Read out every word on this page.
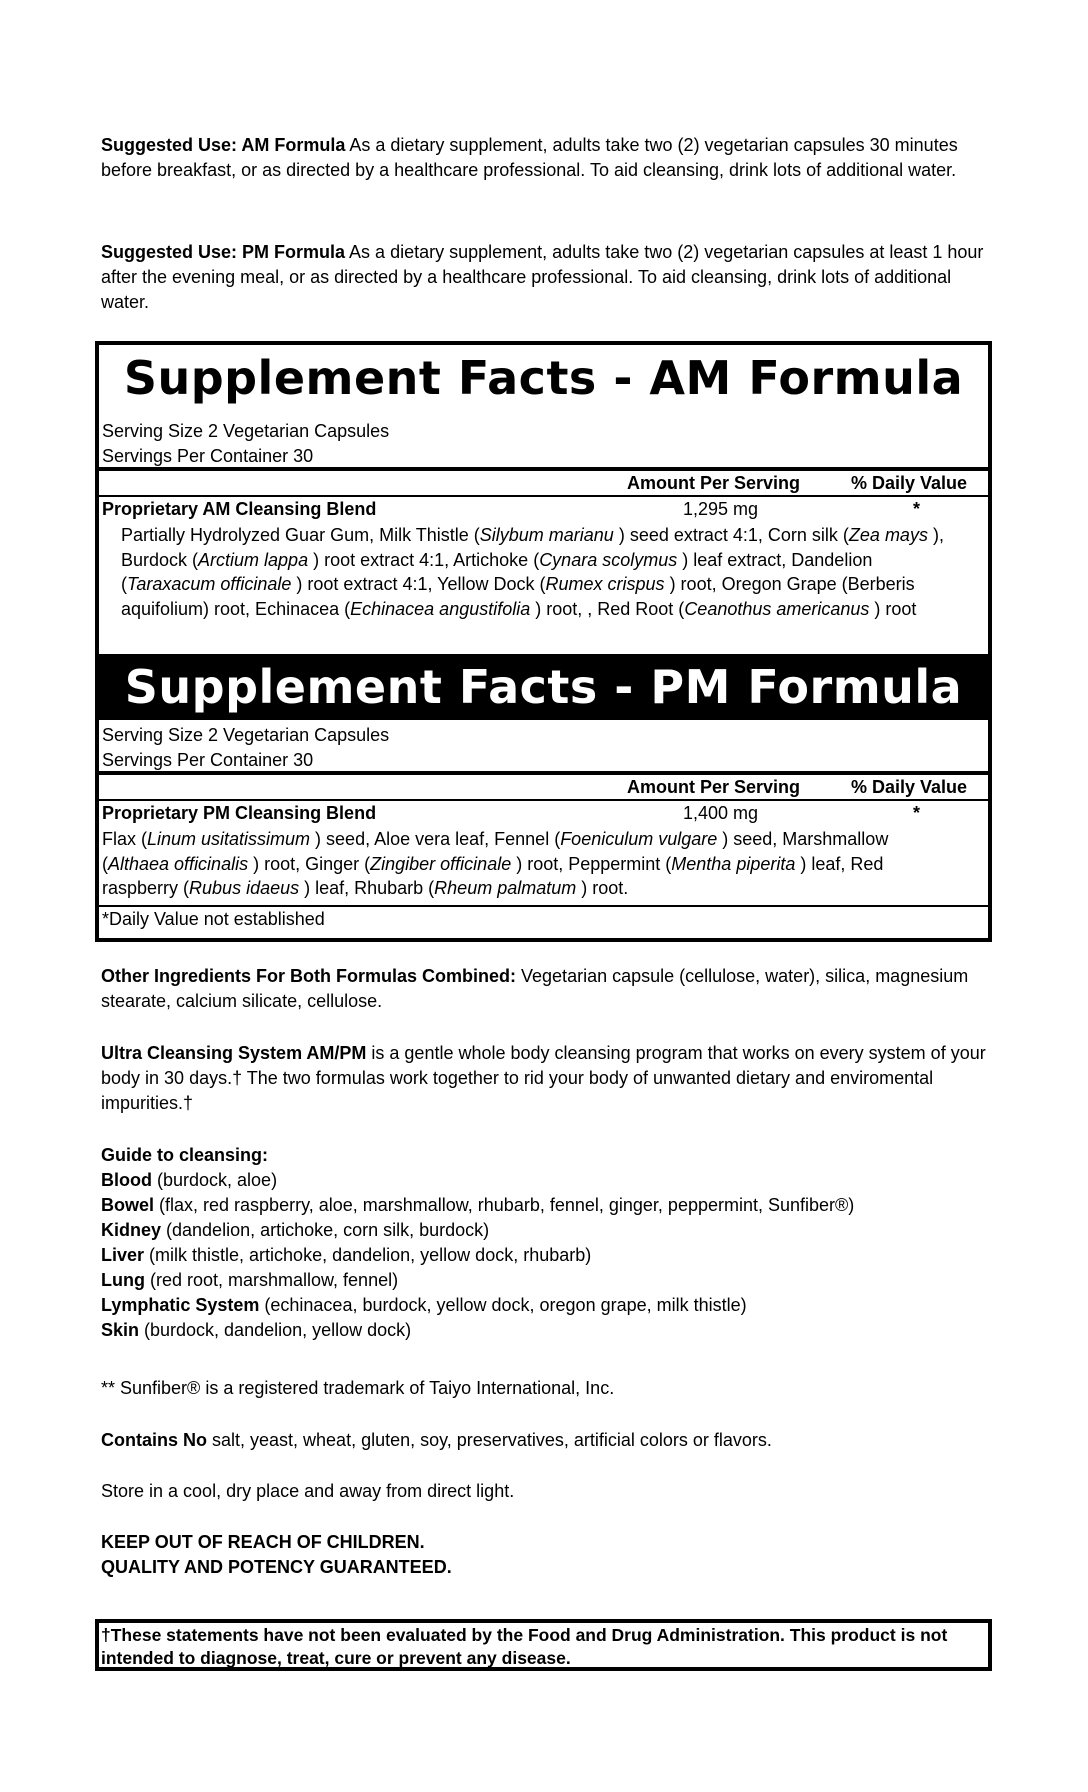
Suggested Use: AM Formula As a dietary supplement, adults take two (2) vegetarian capsules 30 minutes before breakfast, or as directed by a healthcare professional. To aid cleansing, drink lots of additional water.

Suggested Use: PM Formula As a dietary supplement, adults take two (2) vegetarian capsules at least 1 hour after the evening meal, or as directed by a healthcare professional. To aid cleansing, drink lots of additional water.

Supplement Facts - AM Formula
Serving Size 2 Vegetarian Capsules
Servings Per Container 30
Amount Per Serving	% Daily Value
Proprietary AM Cleansing Blend	1,295 mg	*
Partially Hydrolyzed Guar Gum, Milk Thistle (Silybum marianu ) seed extract 4:1, Corn silk (Zea mays ), Burdock (Arctium lappa ) root extract 4:1, Artichoke (Cynara scolymus ) leaf extract, Dandelion (Taraxacum officinale ) root extract 4:1, Yellow Dock (Rumex crispus ) root, Oregon Grape (Berberis aquifolium) root, Echinacea (Echinacea angustifolia ) root, , Red Root (Ceanothus americanus ) root
Supplement Facts - PM Formula
Serving Size 2 Vegetarian Capsules
Servings Per Container 30
Amount Per Serving	% Daily Value
Proprietary PM Cleansing Blend	1,400 mg	*
Flax (Linum usitatissimum ) seed, Aloe vera leaf, Fennel (Foeniculum vulgare ) seed, Marshmallow (Althaea officinalis ) root, Ginger (Zingiber officinale ) root, Peppermint (Mentha piperita ) leaf, Red raspberry (Rubus idaeus ) leaf, Rhubarb (Rheum palmatum ) root.
*Daily Value not established

Other Ingredients For Both Formulas Combined: Vegetarian capsule (cellulose, water), silica, magnesium stearate, calcium silicate, cellulose.

Ultra Cleansing System AM/PM is a gentle whole body cleansing program that works on every system of your body in 30 days.† The two formulas work together to rid your body of unwanted dietary and enviromental impurities.†

Guide to cleansing:
Blood (burdock, aloe)
Bowel (flax, red raspberry, aloe, marshmallow, rhubarb, fennel, ginger, peppermint, Sunfiber®)
Kidney (dandelion, artichoke, corn silk, burdock)
Liver (milk thistle, artichoke, dandelion, yellow dock, rhubarb)
Lung (red root, marshmallow, fennel)
Lymphatic System (echinacea, burdock, yellow dock, oregon grape, milk thistle)
Skin (burdock, dandelion, yellow dock)

** Sunfiber® is a registered trademark of Taiyo International, Inc.

Contains No salt, yeast, wheat, gluten, soy, preservatives, artificial colors or flavors.

Store in a cool, dry place and away from direct light.

KEEP OUT OF REACH OF CHILDREN.
QUALITY AND POTENCY GUARANTEED.
†These statements have not been evaluated by the Food and Drug Administration. This product is not intended to diagnose, treat, cure or prevent any disease.
